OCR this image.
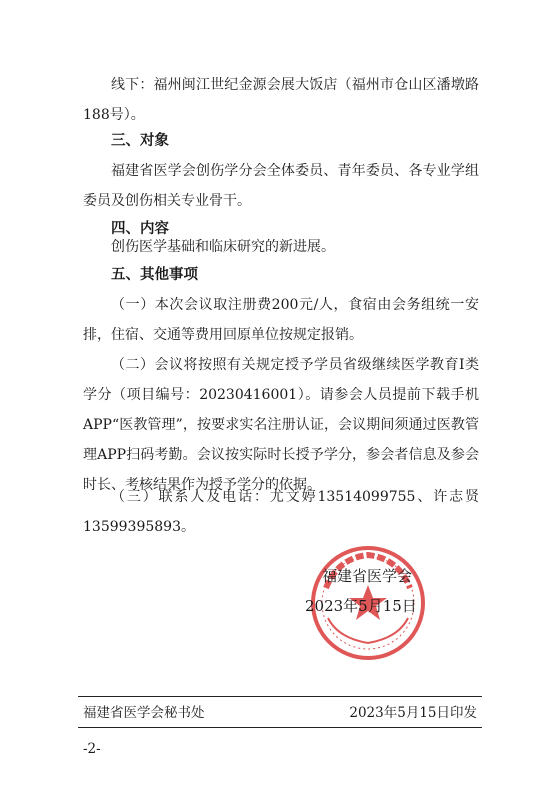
线下：福州闽江世纪金源会展大饭店（福州市仓山区潘墩路188号）。

三、对象

福建省医学会创伤学分会全体委员、青年委员、各专业学组委员及创伤相关专业骨干。

四、内容

创伤医学基础和临床研究的新进展。

五、其他事项

（一）本次会议取注册费200元/人，食宿由会务组统一安排，住宿、交通等费用回原单位按规定报销。

（二）会议将按照有关规定授予学员省级继续医学教育Ⅰ类学分（项目编号：20230416001）。请参会人员提前下载手机APP“医教管理”，按要求实名注册认证，会议期间须通过医教管理APP扫码考勤。会议按实际时长授予学分，参会者信息及参会时长、考核结果作为授予学分的依据。

（三）联系人及电话：尤文婷13514099755、许志贤13599395893。

福建省医学会
2023年5月15日
福建省医学会秘书处	2023年5月15日印发
-2-
